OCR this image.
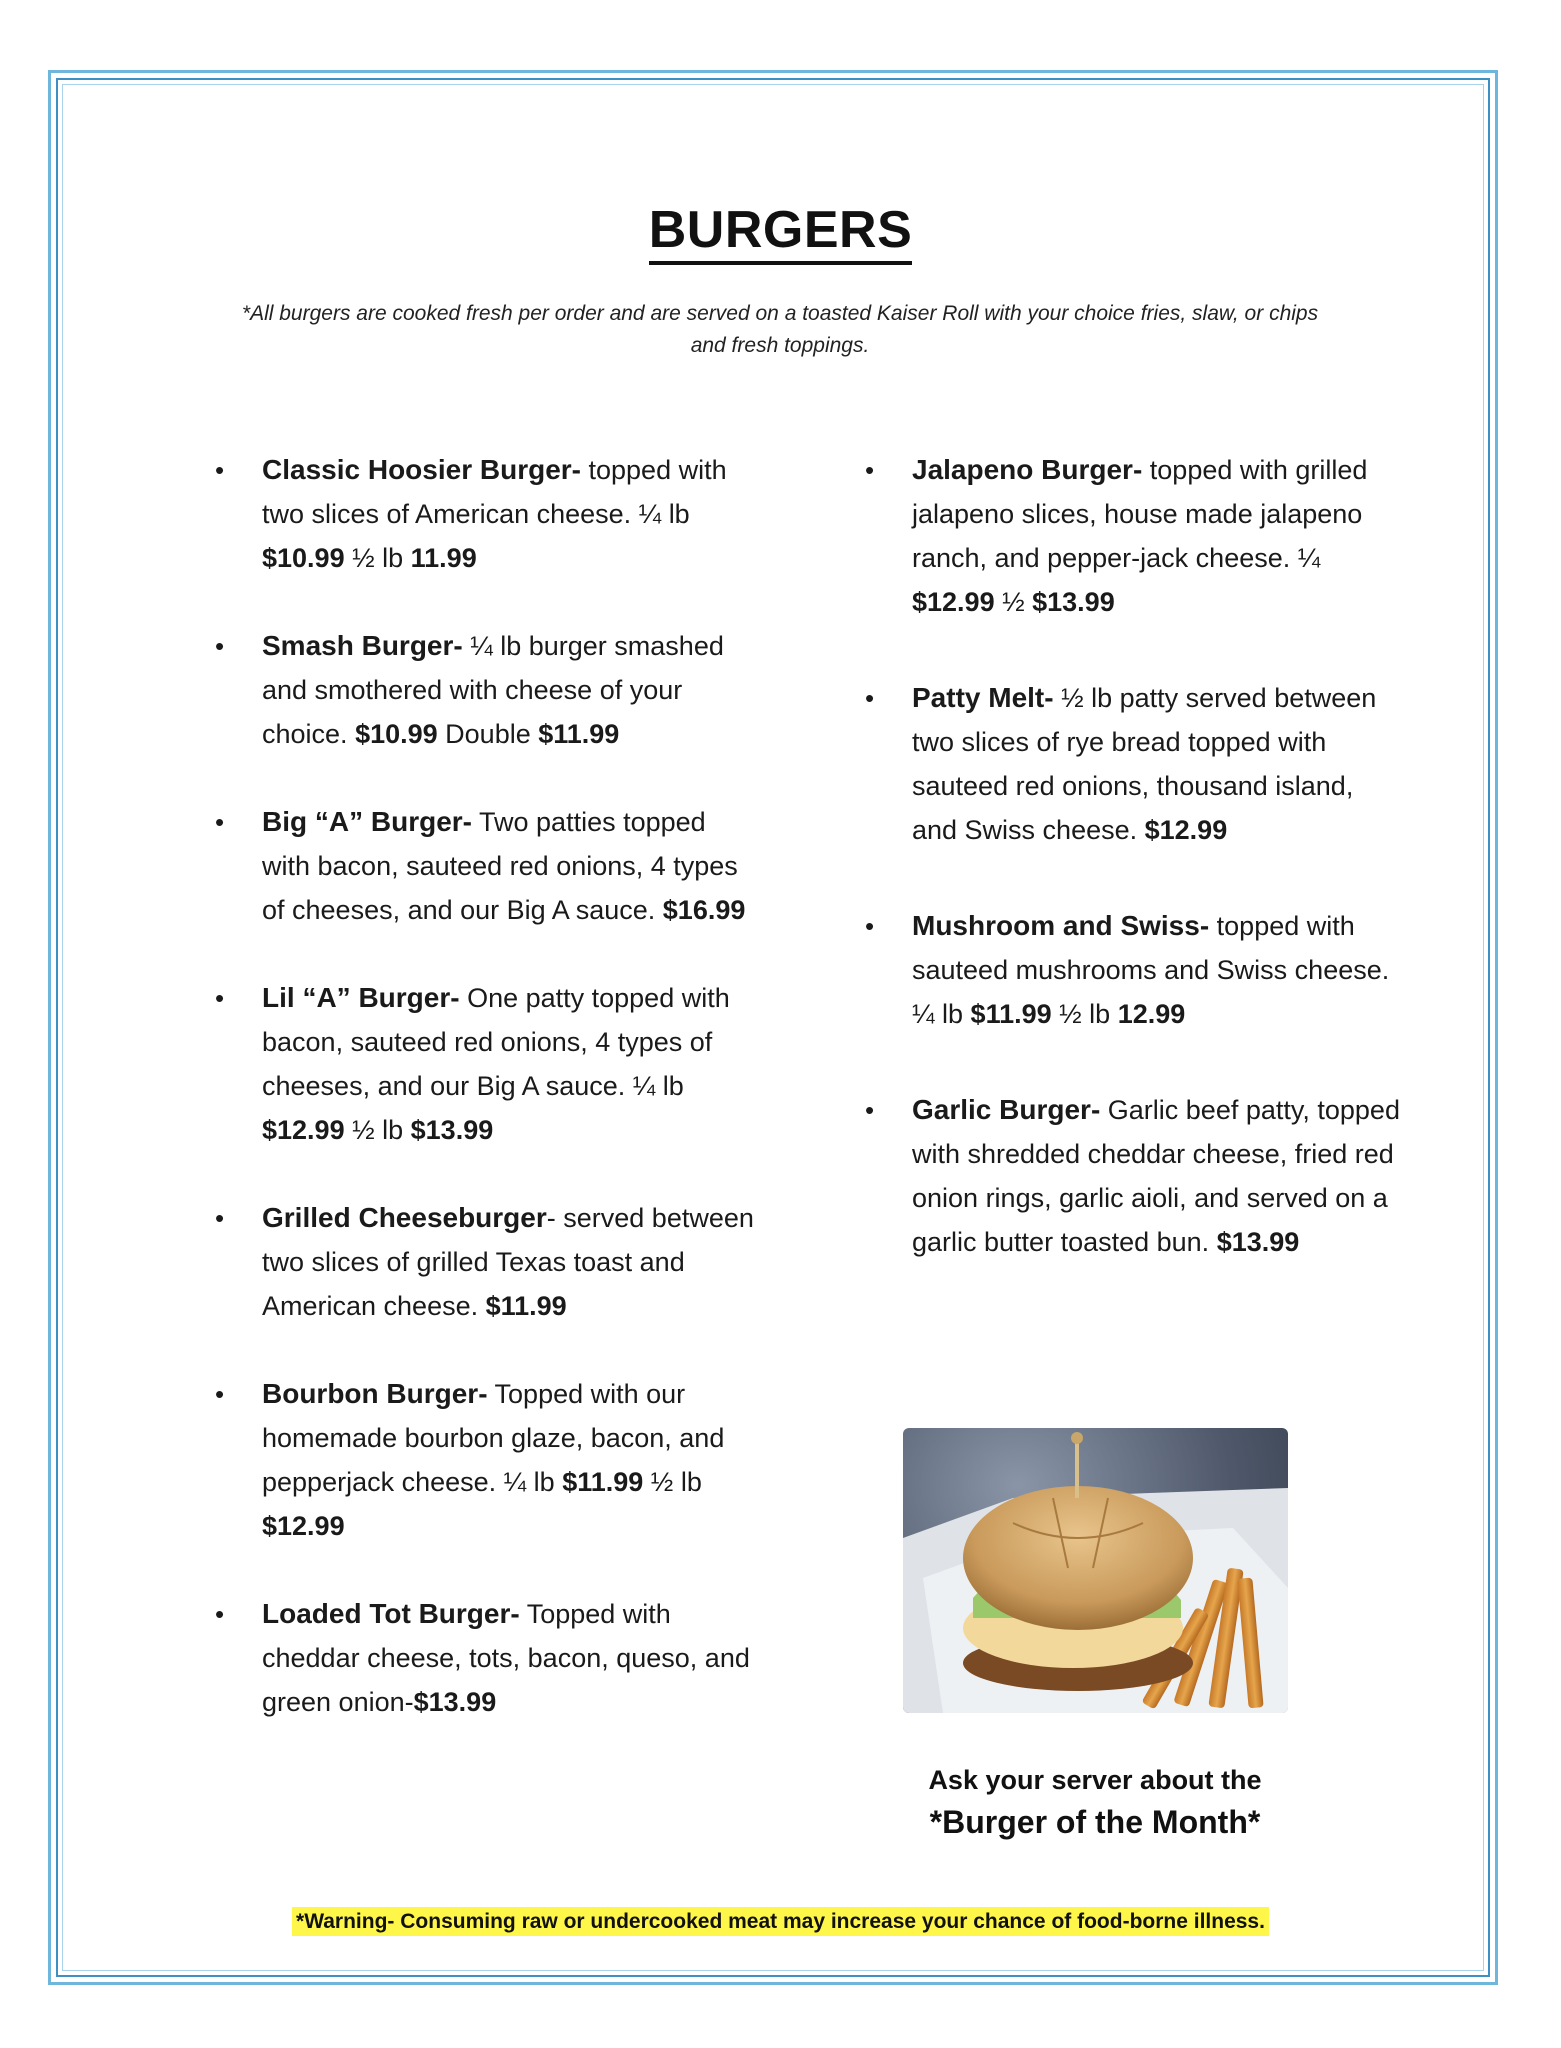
BURGERS
*All burgers are cooked fresh per order and are served on a toasted Kaiser Roll with your choice fries, slaw, or chips
and fresh toppings.
• Classic Hoosier Burger- topped with two slices of American cheese. ¼ lb $10.99 ½ lb 11.99
• Smash Burger- ¼ lb burger smashed and smothered with cheese of your choice. $10.99 Double $11.99
• Big “A” Burger- Two patties topped with bacon, sauteed red onions, 4 types of cheeses, and our Big A sauce. $16.99
• Lil “A” Burger- One patty topped with bacon, sauteed red onions, 4 types of cheeses, and our Big A sauce. ¼ lb $12.99 ½ lb $13.99
• Grilled Cheeseburger- served between two slices of grilled Texas toast and American cheese. $11.99
• Bourbon Burger- Topped with our homemade bourbon glaze, bacon, and pepperjack cheese. ¼ lb $11.99 ½ lb $12.99
• Loaded Tot Burger- Topped with cheddar cheese, tots, bacon, queso, and green onion-$13.99
• Jalapeno Burger- topped with grilled jalapeno slices, house made jalapeno ranch, and pepper-jack cheese. ¼ $12.99 ½ $13.99
• Patty Melt- ½ lb patty served between two slices of rye bread topped with sauteed red onions, thousand island, and Swiss cheese. $12.99
• Mushroom and Swiss- topped with sauteed mushrooms and Swiss cheese. ¼ lb $11.99 ½ lb 12.99
• Garlic Burger- Garlic beef patty, topped with shredded cheddar cheese, fried red onion rings, garlic aioli, and served on a garlic butter toasted bun. $13.99
Ask your server about the
*Burger of the Month*
*Warning- Consuming raw or undercooked meat may increase your chance of food-borne illness.
